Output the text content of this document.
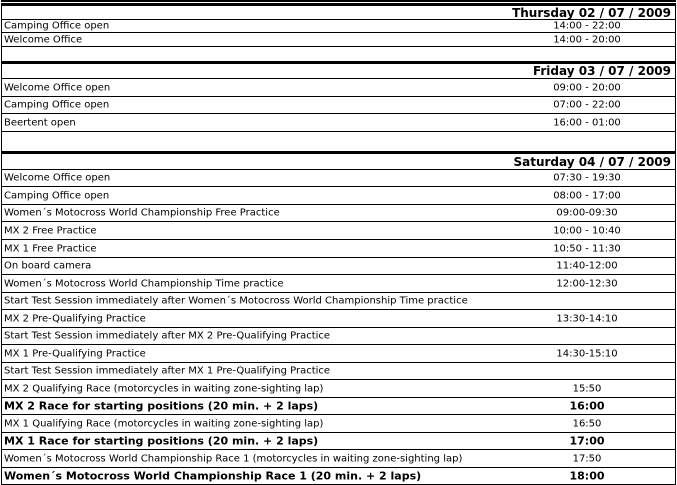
Thursday 02 / 07 / 2009
Camping Office open	14:00 - 22:00
Welcome Office	14:00 - 20:00
Friday 03 / 07 / 2009
Welcome Office open	09:00 - 20:00
Camping Office open	07:00 - 22:00
Beertent open	16:00 - 01:00
Saturday 04 / 07 / 2009
Welcome Office open	07:30 - 19:30
Camping Office open	08:00 - 17:00
Women´s Motocross World Championship Free Practice	09:00-09:30
MX 2 Free Practice	10:00 - 10:40
MX 1 Free Practice	10:50 - 11:30
On board camera	11:40-12:00
Women´s Motocross World Championship Time practice	12:00-12:30
Start Test Session immediately after Women´s Motocross World Championship Time practice
MX 2 Pre-Qualifying Practice	13:30-14:10
Start Test Session immediately after MX 2 Pre-Qualifying Practice
MX 1 Pre-Qualifying Practice	14:30-15:10
Start Test Session immediately after MX 1 Pre-Qualifying Practice
MX 2 Qualifying Race (motorcycles in waiting zone-sighting lap)	15:50
MX 2 Race for starting positions (20 min. + 2 laps)	16:00
MX 1 Qualifying Race (motorcycles in waiting zone-sighting lap)	16:50
MX 1 Race for starting positions (20 min. + 2 laps)	17:00
Women´s Motocross World Championship Race 1 (motorcycles in waiting zone-sighting lap)	17:50
Women´s Motocross World Championship Race 1 (20 min. + 2 laps)	18:00
